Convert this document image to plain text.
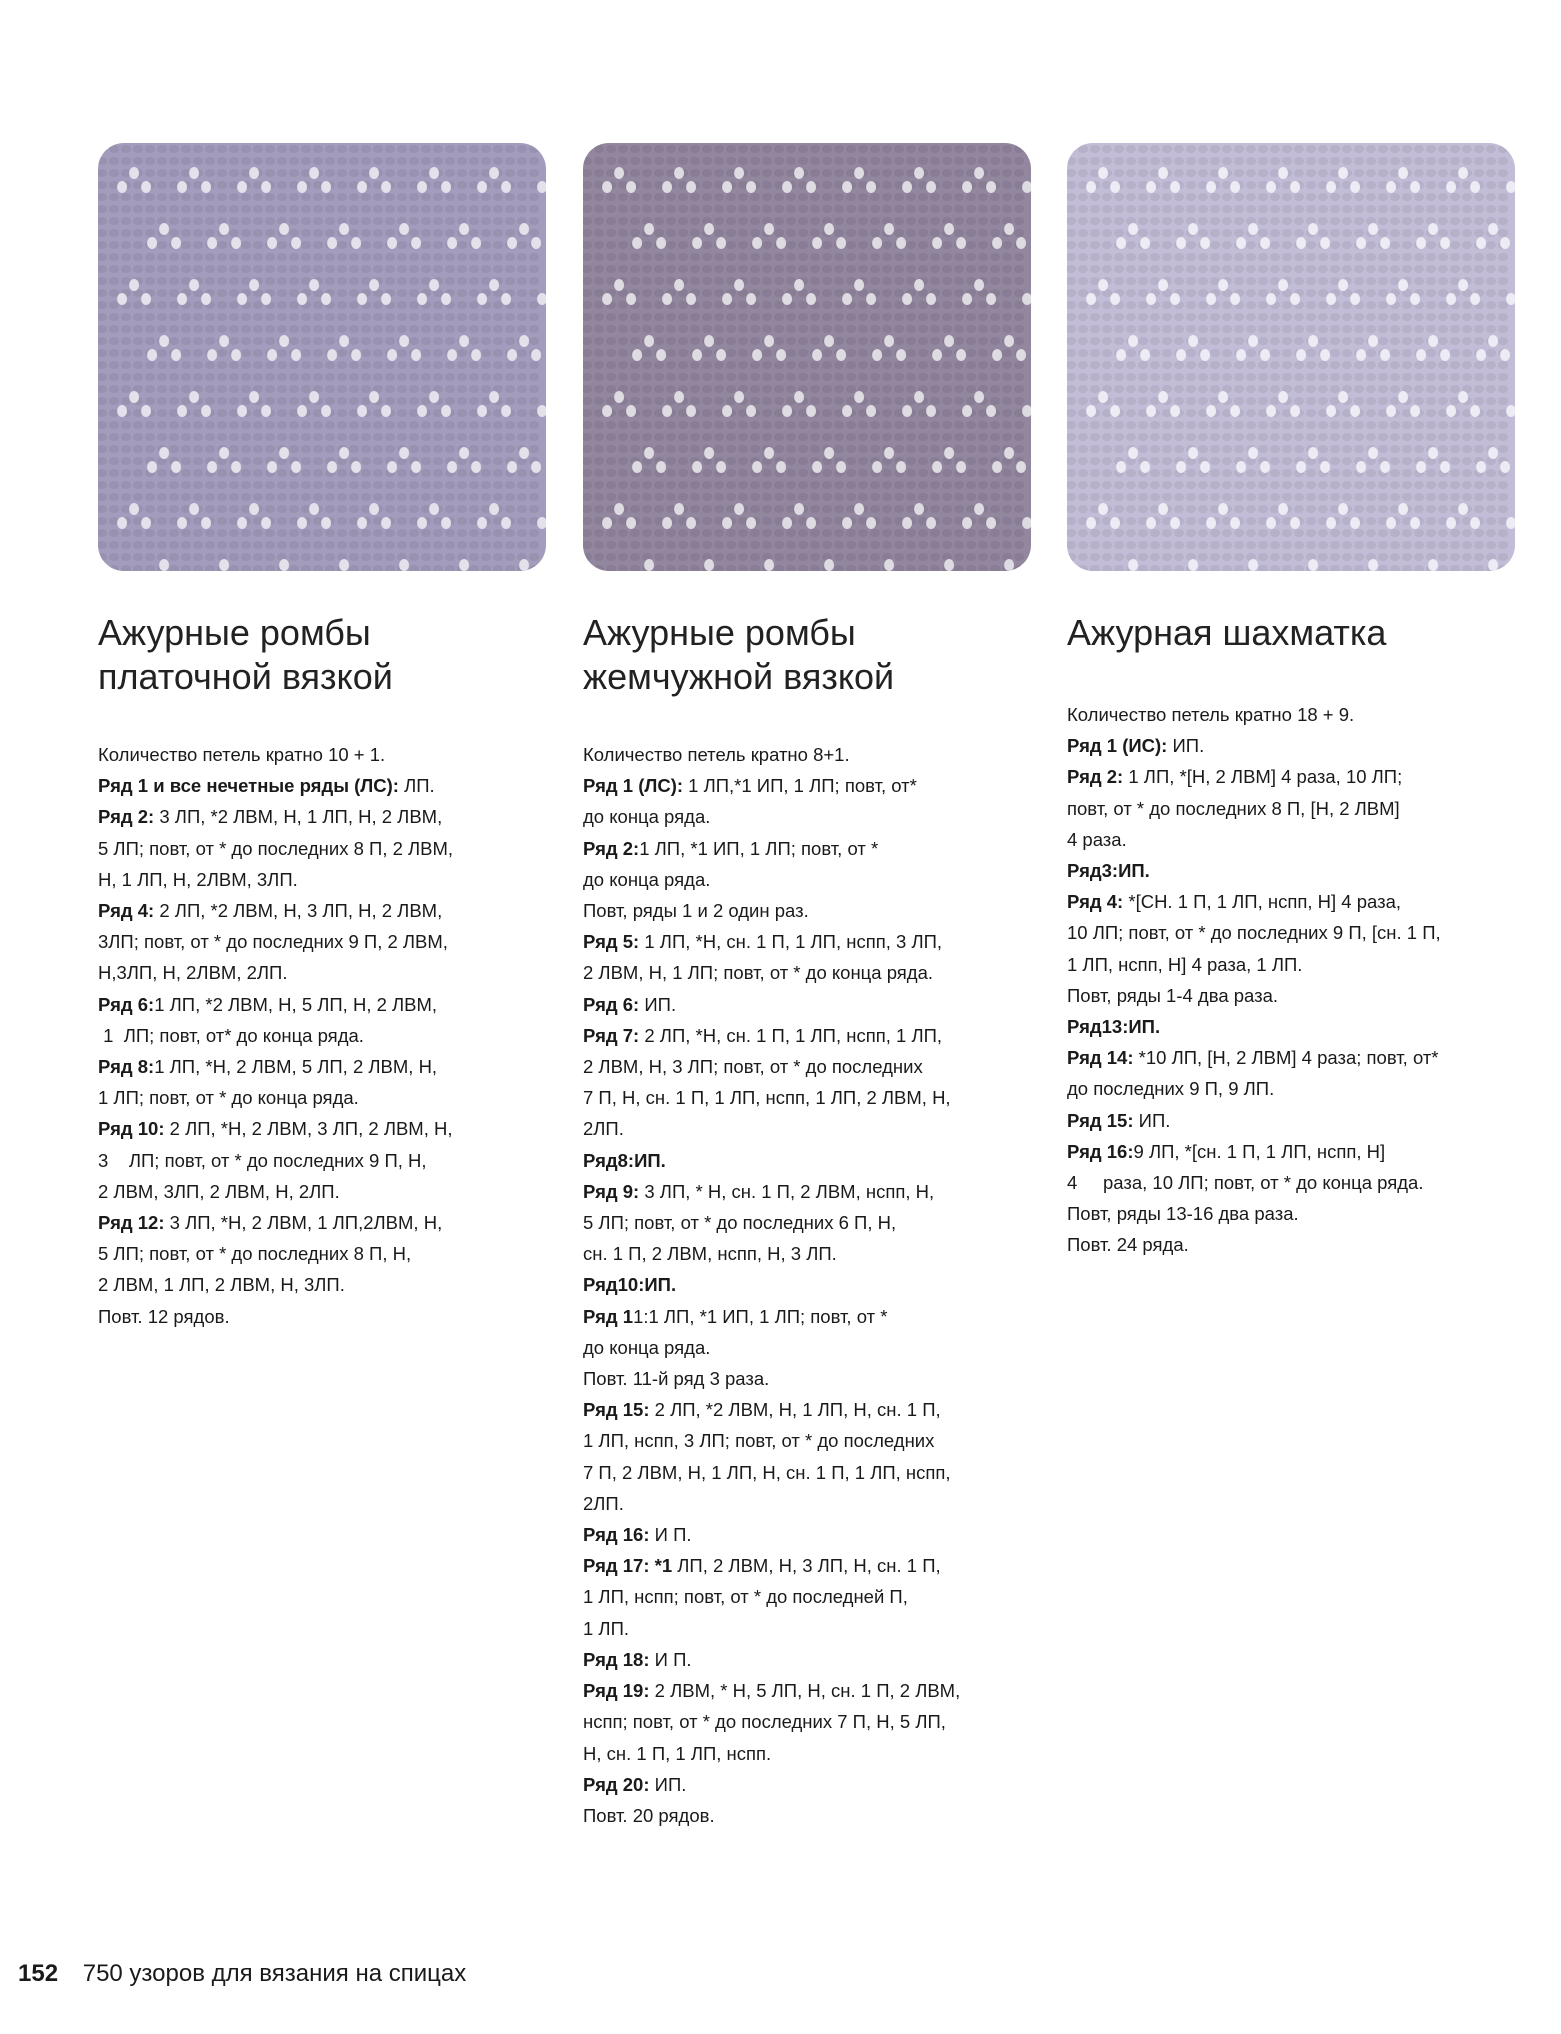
Ажурные ромбы
платочной вязкой
Количество петель кратно 10 + 1.
Ряд 1 и все нечетные ряды (ЛС): ЛП.
Ряд 2: 3 ЛП, *2 ЛВМ, Н, 1 ЛП, Н, 2 ЛВМ,
5 ЛП; повт, от * до последних 8 П, 2 ЛВМ,
Н, 1 ЛП, Н, 2ЛВМ, 3ЛП.
Ряд 4: 2 ЛП, *2 ЛВМ, Н, 3 ЛП, Н, 2 ЛВМ,
3ЛП; повт, от * до последних 9 П, 2 ЛВМ,
Н,3ЛП, Н, 2ЛВМ, 2ЛП.
Ряд 6:1 ЛП, *2 ЛВМ, Н, 5 ЛП, Н, 2 ЛВМ,
1  ЛП; повт, от* до конца ряда.
Ряд 8:1 ЛП, *Н, 2 ЛВМ, 5 ЛП, 2 ЛВМ, Н,
1 ЛП; повт, от * до конца ряда.
Ряд 10: 2 ЛП, *Н, 2 ЛВМ, 3 ЛП, 2 ЛВМ, Н,
3    ЛП; повт, от * до последних 9 П, Н,
2 ЛВМ, 3ЛП, 2 ЛВМ, Н, 2ЛП.
Ряд 12: 3 ЛП, *Н, 2 ЛВМ, 1 ЛП,2ЛВМ, Н,
5 ЛП; повт, от * до последних 8 П, Н,
2 ЛВМ, 1 ЛП, 2 ЛВМ, Н, 3ЛП.
Повт. 12 рядов.
Ажурные ромбы
жемчужной вязкой
Количество петель кратно 8+1.
Ряд 1 (ЛС): 1 ЛП,*1 ИП, 1 ЛП; повт, от*
до конца ряда.
Ряд 2:1 ЛП, *1 ИП, 1 ЛП; повт, от *
до конца ряда.
Повт, ряды 1 и 2 один раз.
Ряд 5: 1 ЛП, *Н, сн. 1 П, 1 ЛП, нспп, 3 ЛП,
2 ЛВМ, Н, 1 ЛП; повт, от * до конца ряда.
Ряд 6: ИП.
Ряд 7: 2 ЛП, *Н, сн. 1 П, 1 ЛП, нспп, 1 ЛП,
2 ЛВМ, Н, 3 ЛП; повт, от * до последних
7 П, Н, сн. 1 П, 1 ЛП, нспп, 1 ЛП, 2 ЛВМ, Н,
2ЛП.
Ряд8:ИП.
Ряд 9: 3 ЛП, * Н, сн. 1 П, 2 ЛВМ, нспп, Н,
5 ЛП; повт, от * до последних 6 П, Н,
сн. 1 П, 2 ЛВМ, нспп, Н, 3 ЛП.
Ряд10:ИП.
Ряд 11:1 ЛП, *1 ИП, 1 ЛП; повт, от *
до конца ряда.
Повт. 11-й ряд 3 раза.
Ряд 15: 2 ЛП, *2 ЛВМ, Н, 1 ЛП, Н, сн. 1 П,
1 ЛП, нспп, 3 ЛП; повт, от * до последних
7 П, 2 ЛВМ, Н, 1 ЛП, Н, сн. 1 П, 1 ЛП, нспп,
2ЛП.
Ряд 16: И П.
Ряд 17: *1 ЛП, 2 ЛВМ, Н, 3 ЛП, Н, сн. 1 П,
1 ЛП, нспп; повт, от * до последней П,
1 ЛП.
Ряд 18: И П.
Ряд 19: 2 ЛВМ, * Н, 5 ЛП, Н, сн. 1 П, 2 ЛВМ,
нспп; повт, от * до последних 7 П, Н, 5 ЛП,
Н, сн. 1 П, 1 ЛП, нспп.
Ряд 20: ИП.
Повт. 20 рядов.
Ажурная шахматка
Количество петель кратно 18 + 9.
Ряд 1 (ИС): ИП.
Ряд 2: 1 ЛП, *[Н, 2 ЛВМ] 4 раза, 10 ЛП;
повт, от * до последних 8 П, [Н, 2 ЛВМ]
4 раза.
Ряд3:ИП.
Ряд 4: *[СН. 1 П, 1 ЛП, нспп, Н] 4 раза,
10 ЛП; повт, от * до последних 9 П, [сн. 1 П,
1 ЛП, нспп, Н] 4 раза, 1 ЛП.
Повт, ряды 1-4 два раза.
Ряд13:ИП.
Ряд 14: *10 ЛП, [Н, 2 ЛВМ] 4 раза; повт, от*
до последних 9 П, 9 ЛП.
Ряд 15: ИП.
Ряд 16:9 ЛП, *[сн. 1 П, 1 ЛП, нспп, Н]
4     раза, 10 ЛП; повт, от * до конца ряда.
Повт, ряды 13-16 два раза.
Повт. 24 ряда.
152 750 узоров для вязания на спицах
